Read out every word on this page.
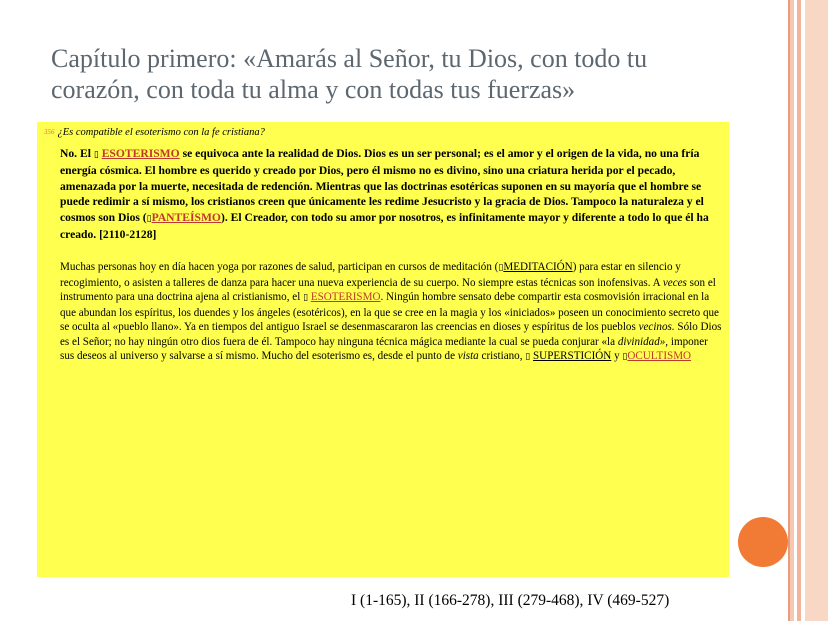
Capítulo primero: «Amarás al Señor, tu Dios, con todo tu corazón, con toda tu alma y con todas tus fuerzas»
356 ¿Es compatible el esoterismo con la fe cristiana?
No. El ▯ ESOTERISMO se equivoca ante la realidad de Dios. Dios es un ser personal; es el amor y el origen de la vida, no una fría energía cósmica. El hombre es querido y creado por Dios, pero él mismo no es divino, sino una criatura herida por el pecado, amenazada por la muerte, necesitada de redención. Mientras que las doctrinas esotéricas suponen en su mayoría que el hombre se puede redimir a sí mismo, los cristianos creen que únicamente les redime Jesucristo y la gracia de Dios. Tampoco la naturaleza y el cosmos son Dios (▯PANTEÍSMO). El Creador, con todo su amor por nosotros, es infinitamente mayor y diferente a todo lo que él ha creado. [2110-2128]
Muchas personas hoy en día hacen yoga por razones de salud, participan en cursos de meditación (▯MEDITACIÓN) para estar en silencio y recogimiento, o asisten a talleres de danza para hacer una nueva experiencia de su cuerpo. No siempre estas técnicas son inofensivas. A veces son el instrumento para una doctrina ajena al cristianismo, el ▯ ESOTERISMO. Ningún hombre sensato debe compartir esta cosmovisión irracional en la que abundan los espíritus, los duendes y los ángeles (esotéricos), en la que se cree en la magia y los «iniciados» poseen un conocimiento secreto que se oculta al «pueblo llano». Ya en tiempos del antiguo Israel se desenmascararon las creencias en dioses y espíritus de los pueblos vecinos. Sólo Dios es el Señor; no hay ningún otro dios fuera de él. Tampoco hay ninguna técnica mágica mediante la cual se pueda conjurar «la divinidad», imponer sus deseos al universo y salvarse a sí mismo. Mucho del esoterismo es, desde el punto de vista cristiano, ▯ SUPERSTICIÓN y ▯OCULTISMO
I (1-165), II (166-278), III (279-468), IV (469-527)
